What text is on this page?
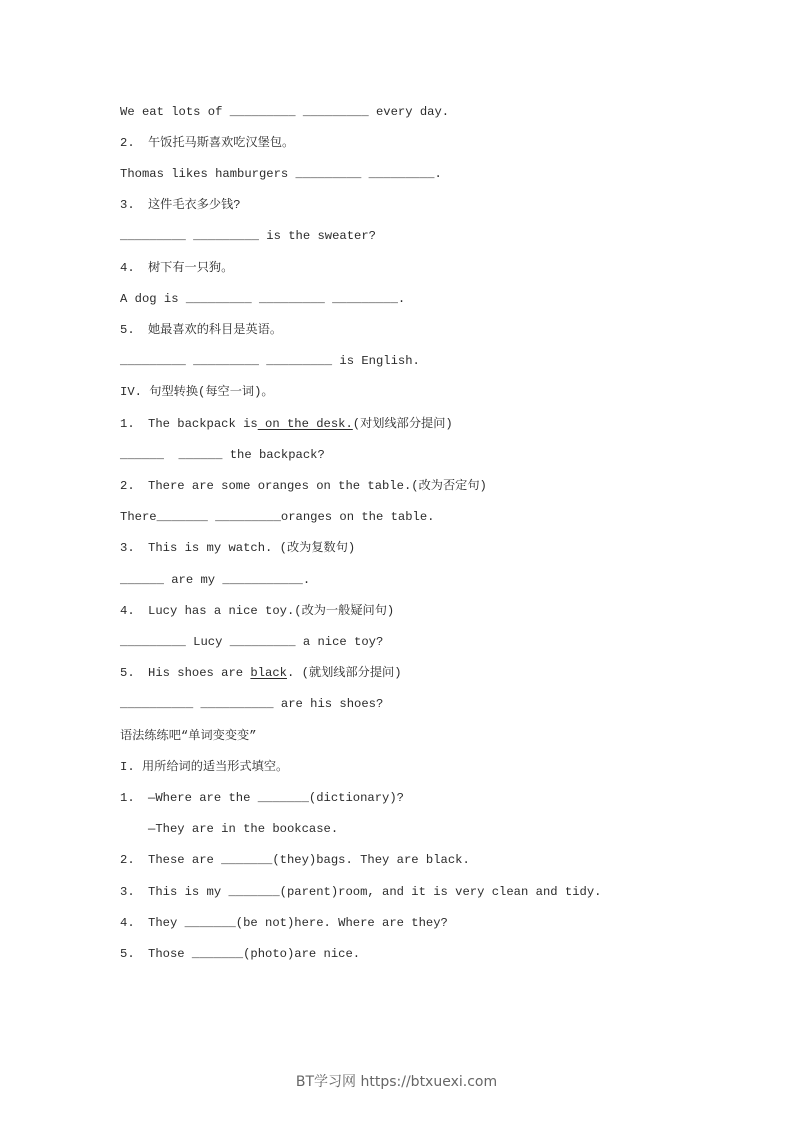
We eat lots of _________ _________ every day.
2. 午饭托马斯喜欢吃汉堡包。
Thomas likes hamburgers _________ _________.
3. 这件毛衣多少钱?
_________ _________ is the sweater?
4. 树下有一只狗。
A dog is _________ _________ _________.
5. 她最喜欢的科目是英语。
_________ _________ _________ is English.
IV. 句型转换(每空一词)。
1. The backpack is on the desk.(对划线部分提问)
______  ______ the backpack?
2. There are some oranges on the table.(改为否定句)
There_______ _________oranges on the table.
3. This is my watch. (改为复数句)
______ are my ___________.
4. Lucy has a nice toy.(改为一般疑问句)
_________ Lucy _________ a nice toy?
5. His shoes are black. (就划线部分提问)
__________ __________ are his shoes?
语法练练吧“单词变变变”
I. 用所给词的适当形式填空。
1. —Where are the _______(dictionary)?
—They are in the bookcase.
2. These are _______(they)bags. They are black.
3. This is my _______(parent)room, and it is very clean and tidy.
4. They _______(be not)here. Where are they?
5. Those _______(photo)are nice.
BT学习网 https://btxuexi.com
